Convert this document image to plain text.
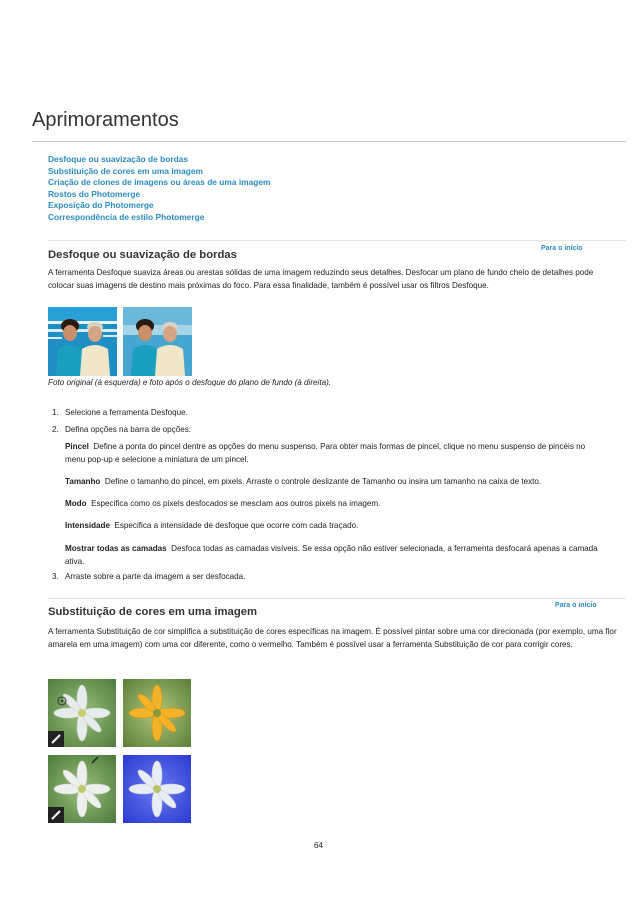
Aprimoramentos
Desfoque ou suavização de bordas
Substituição de cores em uma imagem
Criação de clones de imagens ou áreas de uma imagem
Rostos do Photomerge
Exposição do Photomerge
Correspondência de estilo Photomerge
Desfoque ou suavização de bordas
Para o início

A ferramenta Desfoque suaviza áreas ou arestas sólidas de uma imagem reduzindo seus detalhes. Desfocar um plano de fundo cheio de detalhes pode colocar suas imagens de destino mais próximas do foco. Para essa finalidade, também é possível usar os filtros Desfoque.

Foto original (à esquerda) e foto após o desfoque do plano de fundo (à direita).
1. Selecione a ferramenta Desfoque.
2. Defina opções na barra de opções:
3. Arraste sobre a parte da imagem a ser desfocada.
Pincel Define a ponta do pincel dentre as opções do menu suspenso. Para obter mais formas de pincel, clique no menu suspenso de pincéis no menu pop-up e selecione a miniatura de um pincel.
Tamanho Define o tamanho do pincel, em pixels. Arraste o controle deslizante de Tamanho ou insira um tamanho na caixa de texto.
Modo Especifica como os pixels desfocados se mesclam aos outros pixels na imagem.
Intensidade Especifica a intensidade de desfoque que ocorre com cada traçado.
Mostrar todas as camadas Desfoca todas as camadas visíveis. Se essa opção não estiver selecionada, a ferramenta desfocará apenas a camada ativa.
Substituição de cores em uma imagem
Para o início

A ferramenta Substituição de cor simplifica a substituição de cores específicas na imagem. É possível pintar sobre uma cor direcionada (por exemplo, uma flor amarela em uma imagem) com uma cor diferente, como o vermelho. Também é possível usar a ferramenta Substituição de cor para corrigir cores.

64
